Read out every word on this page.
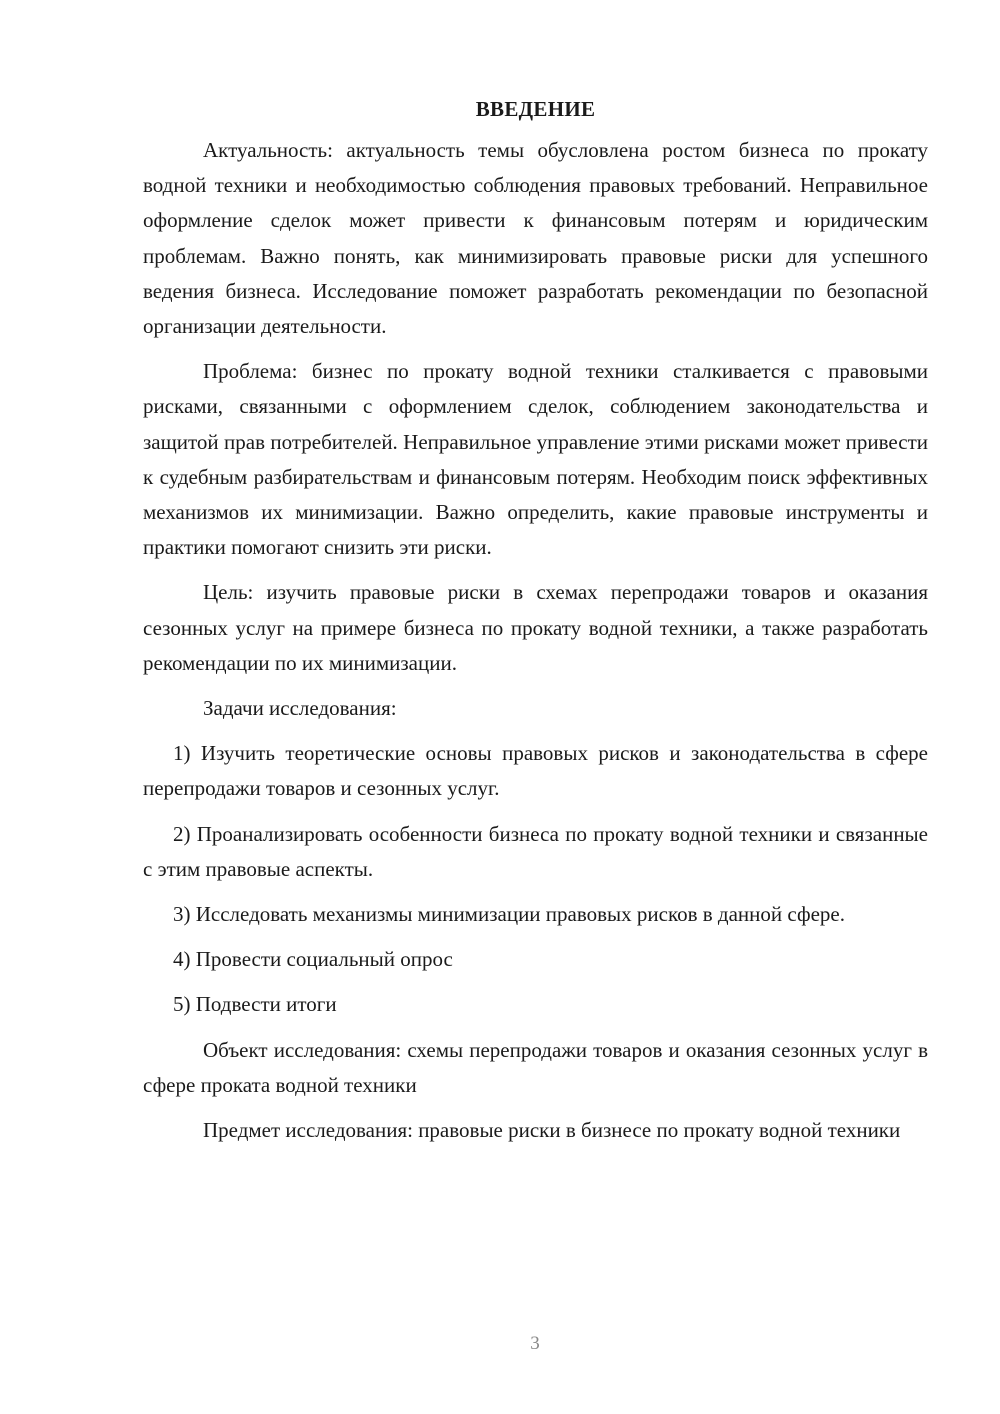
ВВЕДЕНИЕ

Актуальность: актуальность темы обусловлена ростом бизнеса по прокату водной техники и необходимостью соблюдения правовых требований. Неправильное оформление сделок может привести к финансовым потерям и юридическим проблемам. Важно понять, как минимизировать правовые риски для успешного ведения бизнеса. Исследование поможет разработать рекомендации по безопасной организации деятельности.

Проблема: бизнес по прокату водной техники сталкивается с правовыми рисками, связанными с оформлением сделок, соблюдением законодательства и защитой прав потребителей. Неправильное управление этими рисками может привести к судебным разбирательствам и финансовым потерям. Необходим поиск эффективных механизмов их минимизации. Важно определить, какие правовые инструменты и практики помогают снизить эти риски.

Цель: изучить правовые риски в схемах перепродажи товаров и оказания сезонных услуг на примере бизнеса по прокату водной техники, а также разработать рекомендации по их минимизации.

Задачи исследования:

1) Изучить теоретические основы правовых рисков и законодательства в сфере перепродажи товаров и сезонных услуг.

2) Проанализировать особенности бизнеса по прокату водной техники и связанные с этим правовые аспекты.

3) Исследовать механизмы минимизации правовых рисков в данной сфере.

4) Провести социальный опрос

5) Подвести итоги

Объект исследования: схемы перепродажи товаров и оказания сезонных услуг в сфере проката водной техники

Предмет исследования: правовые риски в бизнесе по прокату водной техники

3
